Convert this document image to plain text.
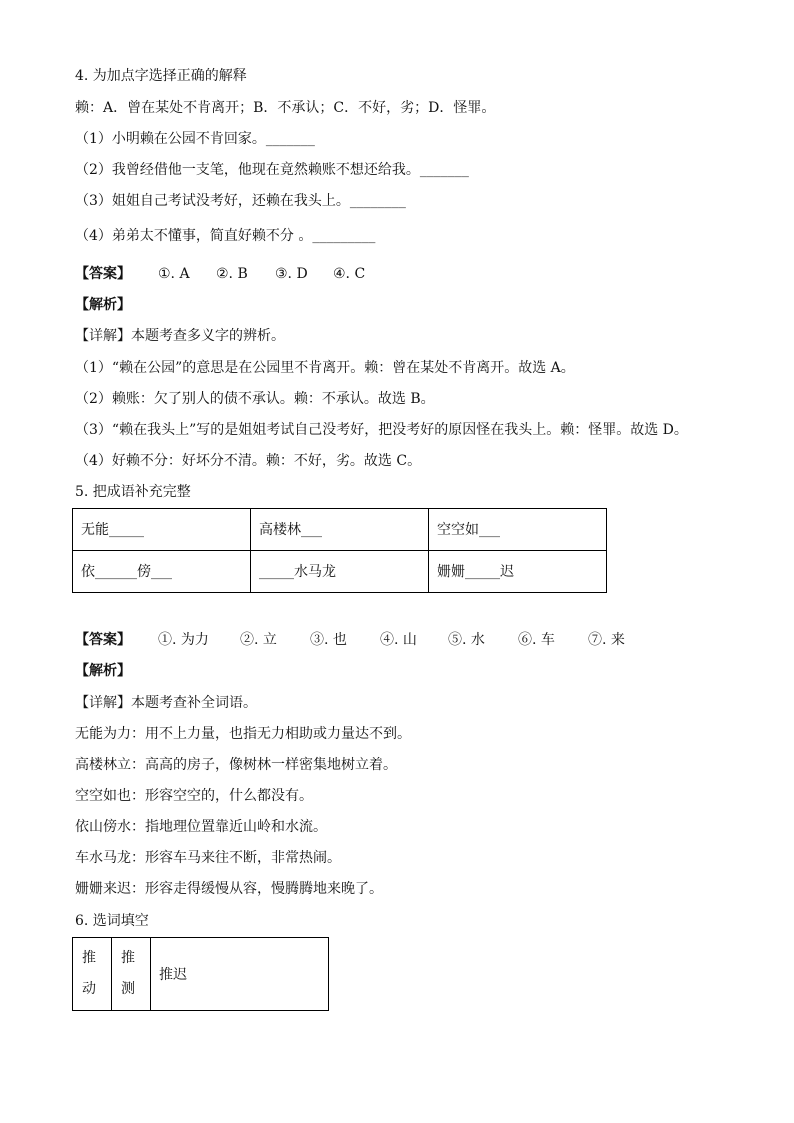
4. 为加点字选择正确的解释
赖：A．曾在某处不肯离开；B．不承认；C．不好，劣；D．怪罪。
（1）小明赖在公园不肯回家。_______
（2）我曾经借他一支笔，他现在竟然赖账不想还给我。_______
（3）姐姐自己考试没考好，还赖在我头上。________
（4）弟弟太不懂事，简直好赖不分 。_________
【答案】 ①. A ②. B ③. D ④. C
【解析】
【详解】本题考查多义字的辨析。
（1）“赖在公园”的意思是在公园里不肯离开。赖：曾在某处不肯离开。故选 A。
（2）赖账：欠了别人的债不承认。赖：不承认。故选 B。
（3）“赖在我头上”写的是姐姐考试自己没考好，把没考好的原因怪在我头上。赖：怪罪。故选 D。
（4）好赖不分：好坏分不清。赖：不好，劣。故选 C。
5. 把成语补充完整
无能_____	高楼林___	空空如___
依______傍___	_____水马龙	姗姗_____迟
【答案】 ①. 为力 ②. 立 ③. 也 ④. 山 ⑤. 水 ⑥. 车 ⑦. 来
【解析】
【详解】本题考查补全词语。
无能为力：用不上力量，也指无力相助或力量达不到。
高楼林立：高高的房子，像树林一样密集地树立着。
空空如也：形容空空的，什么都没有。
依山傍水：指地理位置靠近山岭和水流。
车水马龙：形容车马来往不断，非常热闹。
姗姗来迟：形容走得缓慢从容，慢腾腾地来晚了。
6. 选词填空
推动	推测	推迟
